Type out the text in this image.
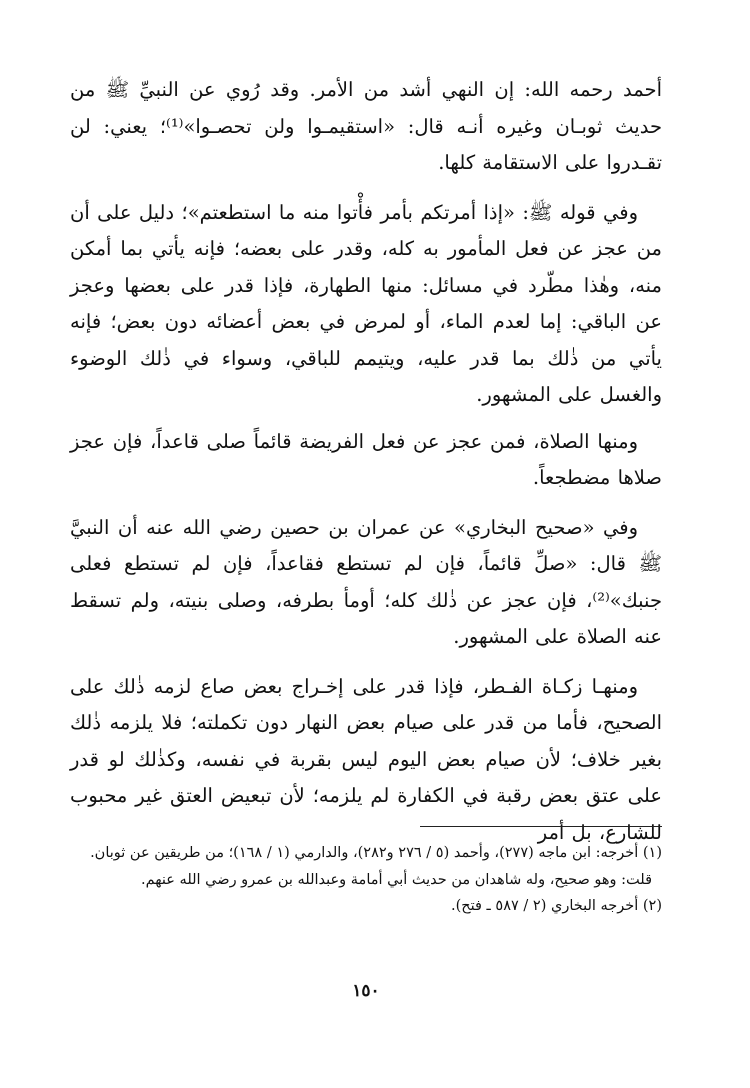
أحمد رحمه الله: إن النهي أشد من الأمر. وقد رُوي عن النبيِّ ﷺ من حديث ثوبـان وغيره أنـه قال: «استقيمـوا ولن تحصـوا»⁽¹⁾؛ يعني: لن تقـدروا على الاستقامة كلها.

وفي قوله ﷺ: «إذا أمرتكم بأمر فأْتوا منه ما استطعتم»؛ دليل على أن من عجز عن فعل المأمور به كله، وقدر على بعضه؛ فإنه يأتي بما أمكن منه، وهٰذا مطّرد في مسائل: منها الطهارة، فإذا قدر على بعضها وعجز عن الباقي: إما لعدم الماء، أو لمرض في بعض أعضائه دون بعض؛ فإنه يأتي من ذٰلك بما قدر عليه، ويتيمم للباقي، وسواء في ذٰلك الوضوء والغسل على المشهور.

ومنها الصلاة، فمن عجز عن فعل الفريضة قائماً صلى قاعداً، فإن عجز صلاها مضطجعاً.

وفي «صحيح البخاري» عن عمران بن حصين رضي الله عنه أن النبيَّ ﷺ قال: «صلِّ قائماً، فإن لم تستطع فقاعداً، فإن لم تستطع فعلى جنبك»⁽²⁾، فإن عجز عن ذٰلك كله؛ أومأ بطرفه، وصلى بنيته، ولم تسقط عنه الصلاة على المشهور.

ومنهـا زكـاة الفـطر، فإذا قدر على إخـراج بعض صاع لزمه ذٰلك على الصحيح، فأما من قدر على صيام بعض النهار دون تكملته؛ فلا يلزمه ذٰلك بغير خلاف؛ لأن صيام بعض اليوم ليس بقربة في نفسه، وكذٰلك لو قدر على عتق بعض رقبة في الكفارة لم يلزمه؛ لأن تبعيض العتق غير محبوب للشارع، بل أمر

(١) أخرجه: ابن ماجه (٢٧٧)، وأحمد (٥ / ٢٧٦ و٢٨٢)، والدارمي (١ / ١٦٨)؛ من طريقين عن ثوبان.

قلت: وهو صحيح، وله شاهدان من حديث أبي أمامة وعبدالله بن عمرو رضي الله عنهم.

(٢) أخرجه البخاري (٢ / ٥٨٧ ـ فتح).

١٥٠
